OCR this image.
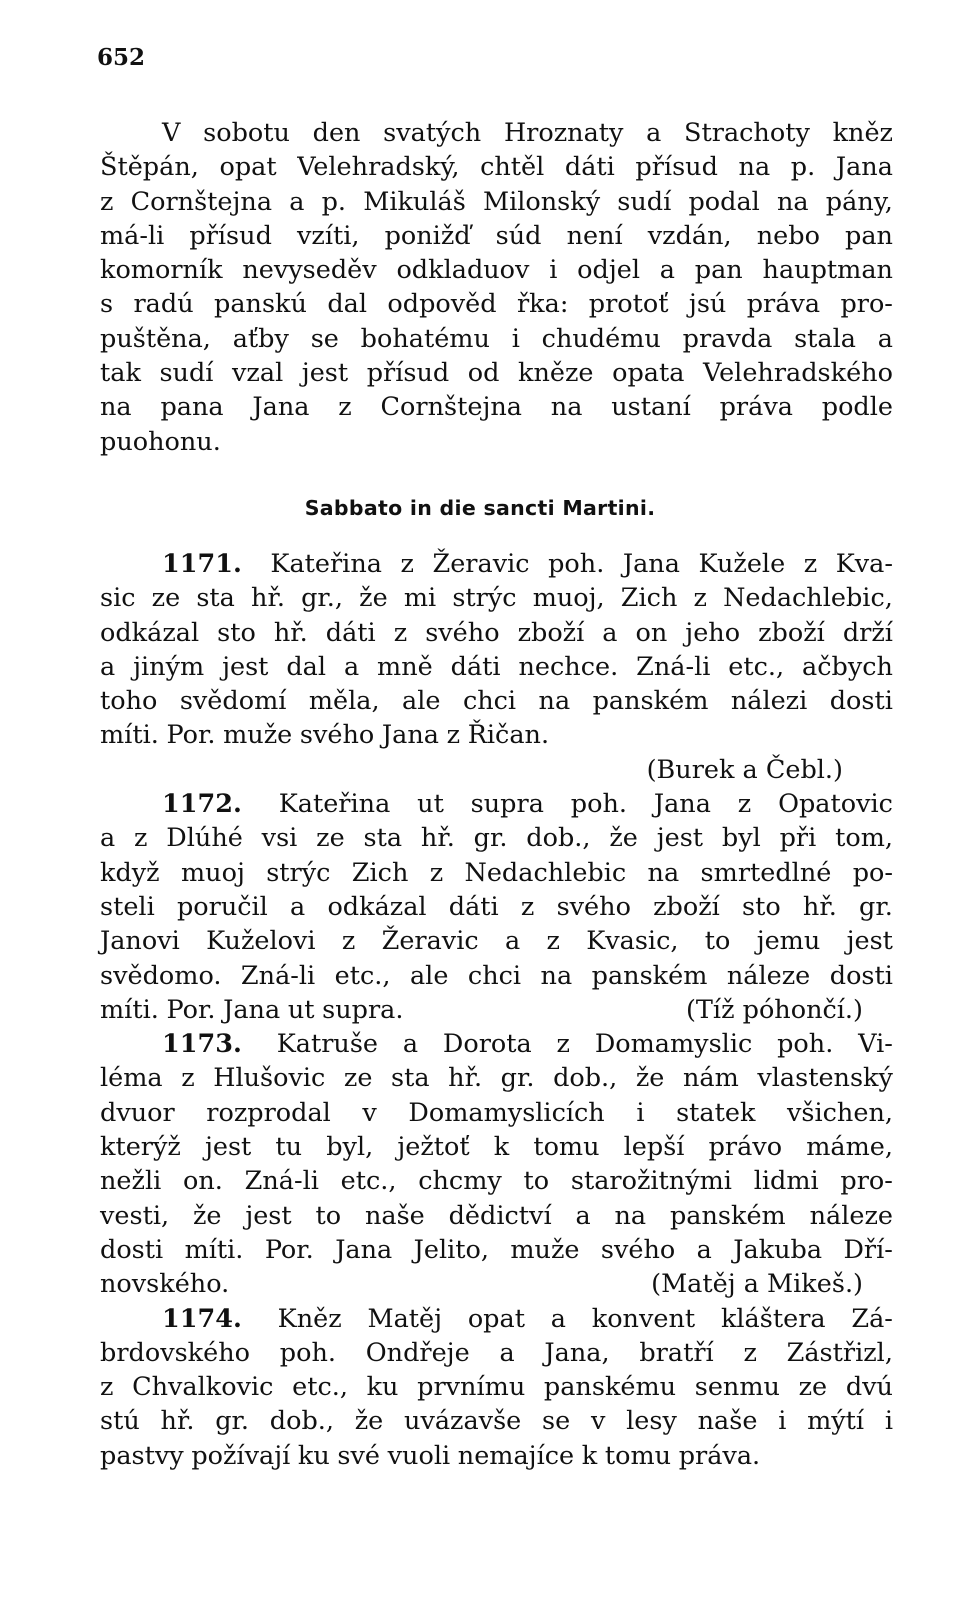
652
V sobotu den svatých Hroznaty a Strachoty kněz
Štěpán, opat Velehradský, chtěl dáti přísud na p. Jana
z Cornštejna a p. Mikuláš Milonský sudí podal na pány,
má-li přísud vzíti, ponižď súd není vzdán, nebo pan
komorník nevyseděv odkladuov i odjel a pan hauptman
s radú panskú dal odpověd řka: protoť jsú práva pro-
puštěna, aťby se bohatému i chudému pravda stala a
tak sudí vzal jest přísud od kněze opata Velehradského
na pana Jana z Cornštejna na ustaní práva podle
puohonu.
Sabbato in die sancti Martini.
1171. Kateřina z Žeravic poh. Jana Kužele z Kva-
sic ze sta hř. gr., že mi strýc muoj, Zich z Nedachlebic,
odkázal sto hř. dáti z svého zboží a on jeho zboží drží
a jiným jest dal a mně dáti nechce. Zná-li etc., ačbych
toho svědomí měla, ale chci na panském nálezi dosti
míti. Por. muže svého Jana z Řičan.
(Burek a Čebl.)
1172. Kateřina ut supra poh. Jana z Opatovic
a z Dlúhé vsi ze sta hř. gr. dob., že jest byl při tom,
když muoj strýc Zich z Nedachlebic na smrtedlné po-
steli poručil a odkázal dáti z svého zboží sto hř. gr.
Janovi Kuželovi z Žeravic a z Kvasic, to jemu jest
svědomo. Zná-li etc., ale chci na panském náleze dosti
míti. Por. Jana ut supra.	(Tíž póhončí.)
1173. Katruše a Dorota z Domamyslic poh. Vi-
léma z Hlušovic ze sta hř. gr. dob., že nám vlastenský
dvuor rozprodal v Domamyslicích i statek všichen,
kterýž jest tu byl, ježtoť k tomu lepší právo máme,
nežli on. Zná-li etc., chcmy to starožitnými lidmi pro-
vesti, že jest to naše dědictví a na panském náleze
dosti míti. Por. Jana Jelito, muže svého a Jakuba Dří-
novského.	(Matěj a Mikeš.)
1174. Kněz Matěj opat a konvent kláštera Zá-
brdovského poh. Ondřeje a Jana, bratří z Zástřizl,
z Chvalkovic etc., ku prvnímu panskému senmu ze dvú
stú hř. gr. dob., že uvázavše se v lesy naše i mýtí i
pastvy požívají ku své vuoli nemajíce k tomu práva.
